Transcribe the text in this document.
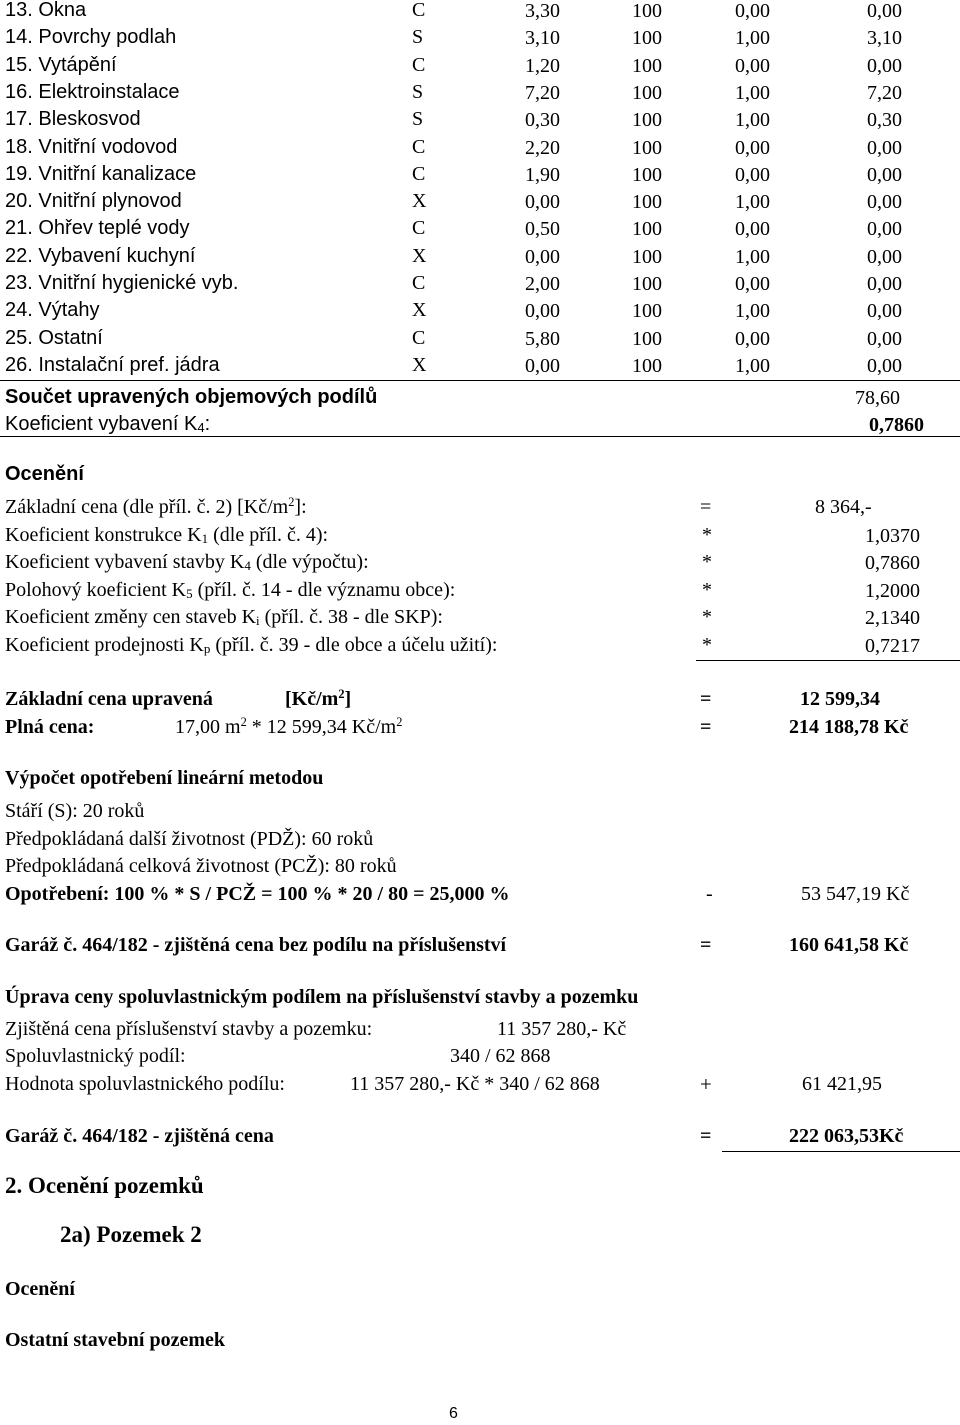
13. Okna	C	3,30	100	0,00	0,00
14. Povrchy podlah	S	3,10	100	1,00	3,10
15. Vytápění	C	1,20	100	0,00	0,00
16. Elektroinstalace	S	7,20	100	1,00	7,20
17. Bleskosvod	S	0,30	100	1,00	0,30
18. Vnitřní vodovod	C	2,20	100	0,00	0,00
19. Vnitřní kanalizace	C	1,90	100	0,00	0,00
20. Vnitřní plynovod	X	0,00	100	1,00	0,00
21. Ohřev teplé vody	C	0,50	100	0,00	0,00
22. Vybavení kuchyní	X	0,00	100	1,00	0,00
23. Vnitřní hygienické vyb.	C	2,00	100	0,00	0,00
24. Výtahy	X	0,00	100	1,00	0,00
25. Ostatní	C	5,80	100	0,00	0,00
26. Instalační pref. jádra	X	0,00	100	1,00	0,00
Součet upravených objemových podílů	78,60
Koeficient vybavení $K_4$:	0,7860
Ocenění
Základní cena (dle příl. č. 2) $[Kč/m^2]$:	=	8 364,-
Koeficient konstrukce $K_1$ (dle příl. č. 4):	*	1,0370
Koeficient vybavení stavby $K_4$ (dle výpočtu):	*	0,7860
Polohový koeficient $K_5$ (příl. č. 14 - dle významu obce):	*	1,2000
Koeficient změny cen staveb $K_i$ (příl. č. 38 - dle SKP):	*	2,1340
Koeficient prodejnosti $K_p$ (příl. č. 39 - dle obce a účelu užití):	*	0,7217
Základní cena upravená	$[Kč/m^2]$	=	12 599,34
Plná cena:	17,00 $m^2 * 12$ 599,34 $Kč/m^2$	=	214 188,78 Kč
Výpočet opotřebení lineární metodou
Stáří (S): 20 roků
Předpokládaná další životnost (PDŽ): 60 roků
Předpokládaná celková životnost (PCŽ): 80 roků
Opotřebení: 100 % * S / PCŽ = 100 % * 20 / 80 = 25,000 %	-	53 547,19 Kč
Garáž č. 464/182 - zjištěná cena bez podílu na příslušenství	=	160 641,58 Kč
Úprava ceny spoluvlastnickým podílem na příslušenství stavby a pozemku
Zjištěná cena příslušenství stavby a pozemku:	11 357 280,- Kč
Spoluvlastnický podíl:	340 / 62 868
Hodnota spoluvlastnického podílu:	11 357 280,- Kč * 340 / 62 868	+	61 421,95
Garáž č. 464/182 - zjištěná cena	=	222 063,53Kč
2. Ocenění pozemků
2a) Pozemek 2
Ocenění
Ostatní stavební pozemek
6
